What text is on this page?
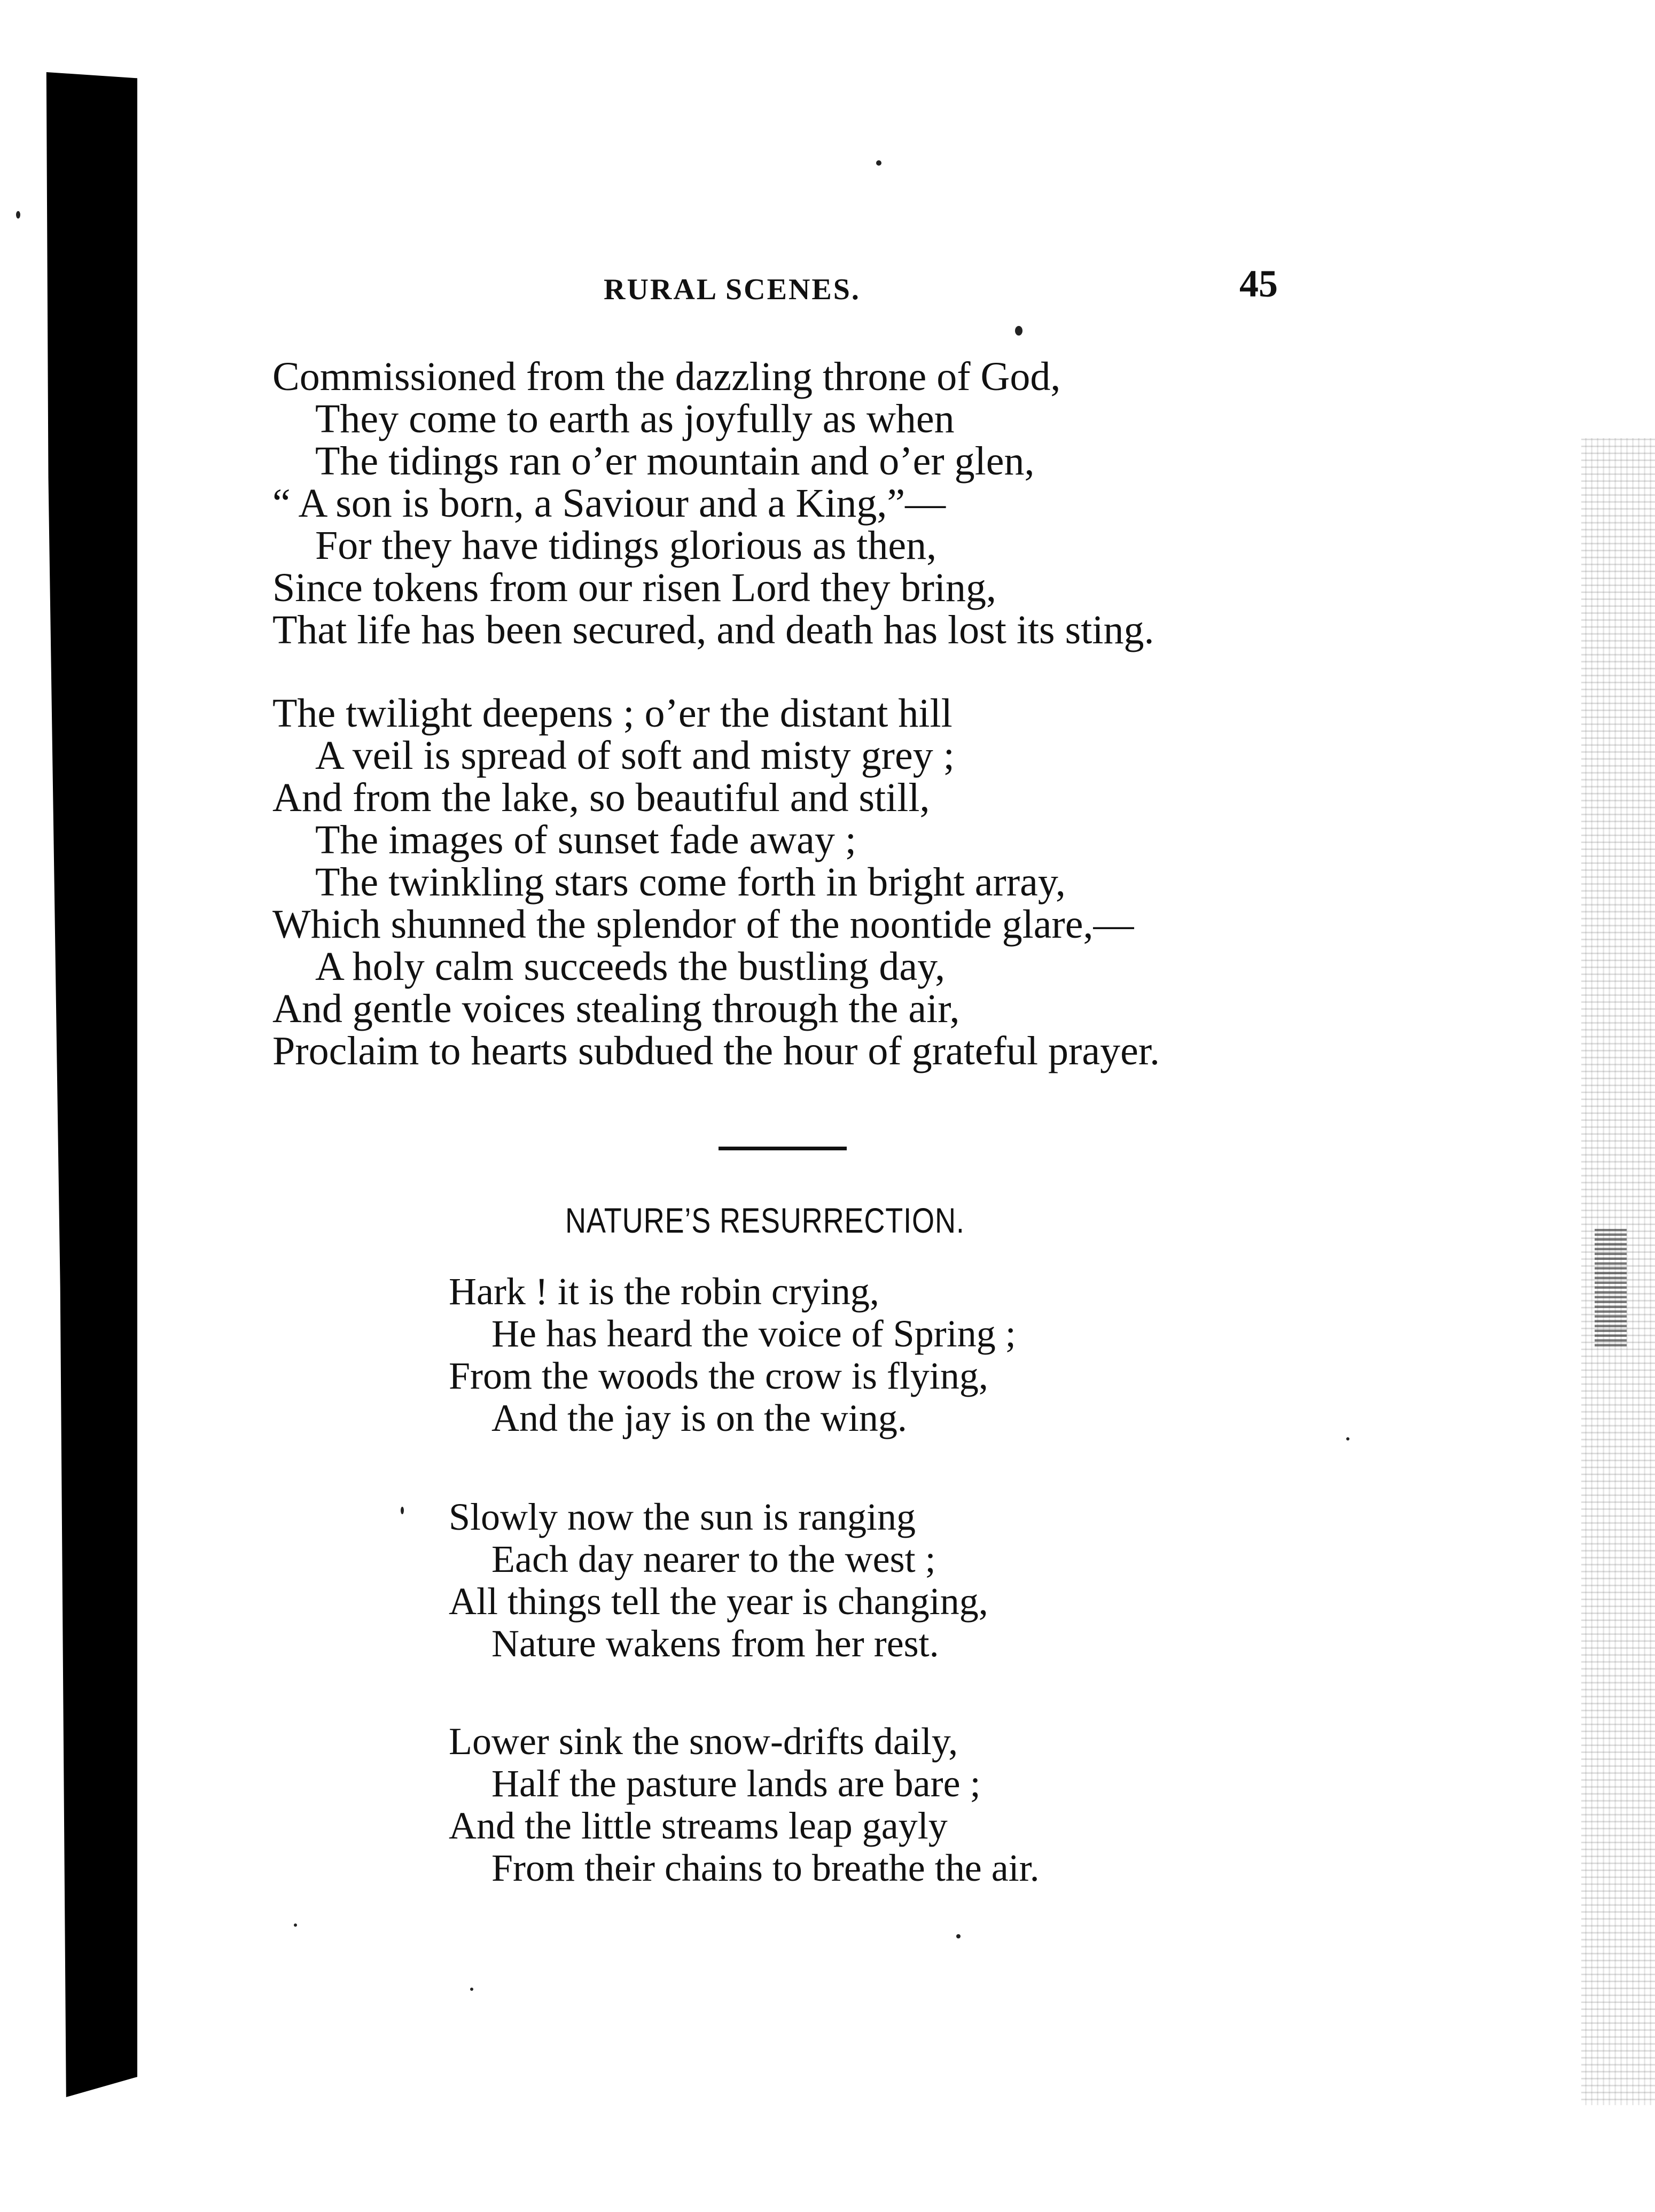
RURAL SCENES.	45
Commissioned from the dazzling throne of God,
They come to earth as joyfully as when
The tidings ran o’er mountain and o’er glen,
“ A son is born, a Saviour and a King,”—
For they have tidings glorious as then,
Since tokens from our risen Lord they bring,
That life has been secured, and death has lost its sting.
The twilight deepens ; o’er the distant hill
A veil is spread of soft and misty grey ;
And from the lake, so beautiful and still,
The images of sunset fade away ;
The twinkling stars come forth in bright array,
Which shunned the splendor of the noontide glare,—
A holy calm succeeds the bustling day,
And gentle voices stealing through the air,
Proclaim to hearts subdued the hour of grateful prayer.
NATURE’S RESURRECTION.
Hark ! it is the robin crying,
He has heard the voice of Spring ;
From the woods the crow is flying,
And the jay is on the wing.
Slowly now the sun is ranging
Each day nearer to the west ;
All things tell the year is changing,
Nature wakens from her rest.
Lower sink the snow-drifts daily,
Half the pasture lands are bare ;
And the little streams leap gayly
From their chains to breathe the air.
